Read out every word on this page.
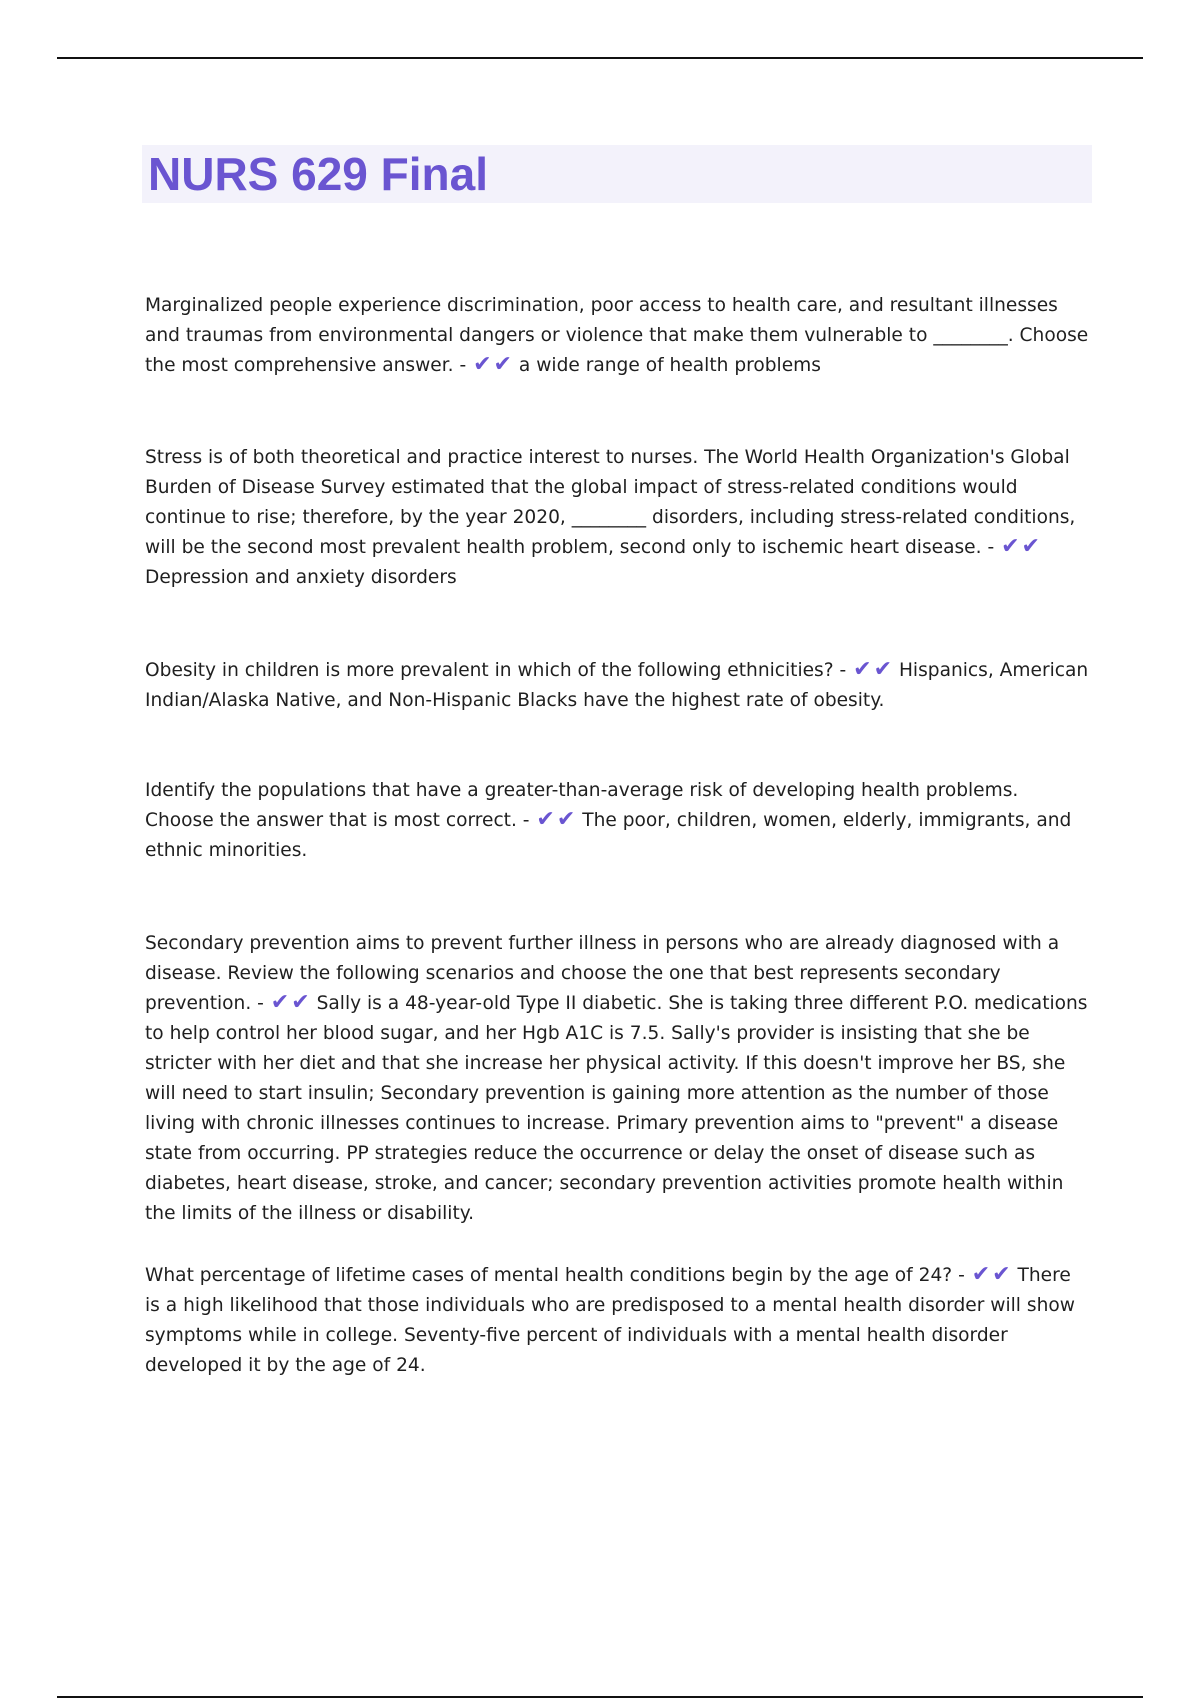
NURS 629 Final

Marginalized people experience discrimination, poor access to health care, and resultant illnesses and traumas from environmental dangers or violence that make them vulnerable to ________. Choose the most comprehensive answer. - ✔✔ a wide range of health problems

Stress is of both theoretical and practice interest to nurses. The World Health Organization's Global Burden of Disease Survey estimated that the global impact of stress-related conditions would continue to rise; therefore, by the year 2020, ________ disorders, including stress-related conditions, will be the second most prevalent health problem, second only to ischemic heart disease. - ✔✔ Depression and anxiety disorders

Obesity in children is more prevalent in which of the following ethnicities? - ✔✔ Hispanics, American Indian/Alaska Native, and Non-Hispanic Blacks have the highest rate of obesity.

Identify the populations that have a greater-than-average risk of developing health problems. Choose the answer that is most correct. - ✔✔ The poor, children, women, elderly, immigrants, and ethnic minorities.

Secondary prevention aims to prevent further illness in persons who are already diagnosed with a disease. Review the following scenarios and choose the one that best represents secondary prevention. - ✔✔ Sally is a 48-year-old Type II diabetic. She is taking three different P.O. medications to help control her blood sugar, and her Hgb A1C is 7.5. Sally's provider is insisting that she be stricter with her diet and that she increase her physical activity. If this doesn't improve her BS, she will need to start insulin; Secondary prevention is gaining more attention as the number of those living with chronic illnesses continues to increase. Primary prevention aims to "prevent" a disease state from occurring. PP strategies reduce the occurrence or delay the onset of disease such as diabetes, heart disease, stroke, and cancer; secondary prevention activities promote health within the limits of the illness or disability.

What percentage of lifetime cases of mental health conditions begin by the age of 24? - ✔✔ There is a high likelihood that those individuals who are predisposed to a mental health disorder will show symptoms while in college. Seventy-five percent of individuals with a mental health disorder developed it by the age of 24.
